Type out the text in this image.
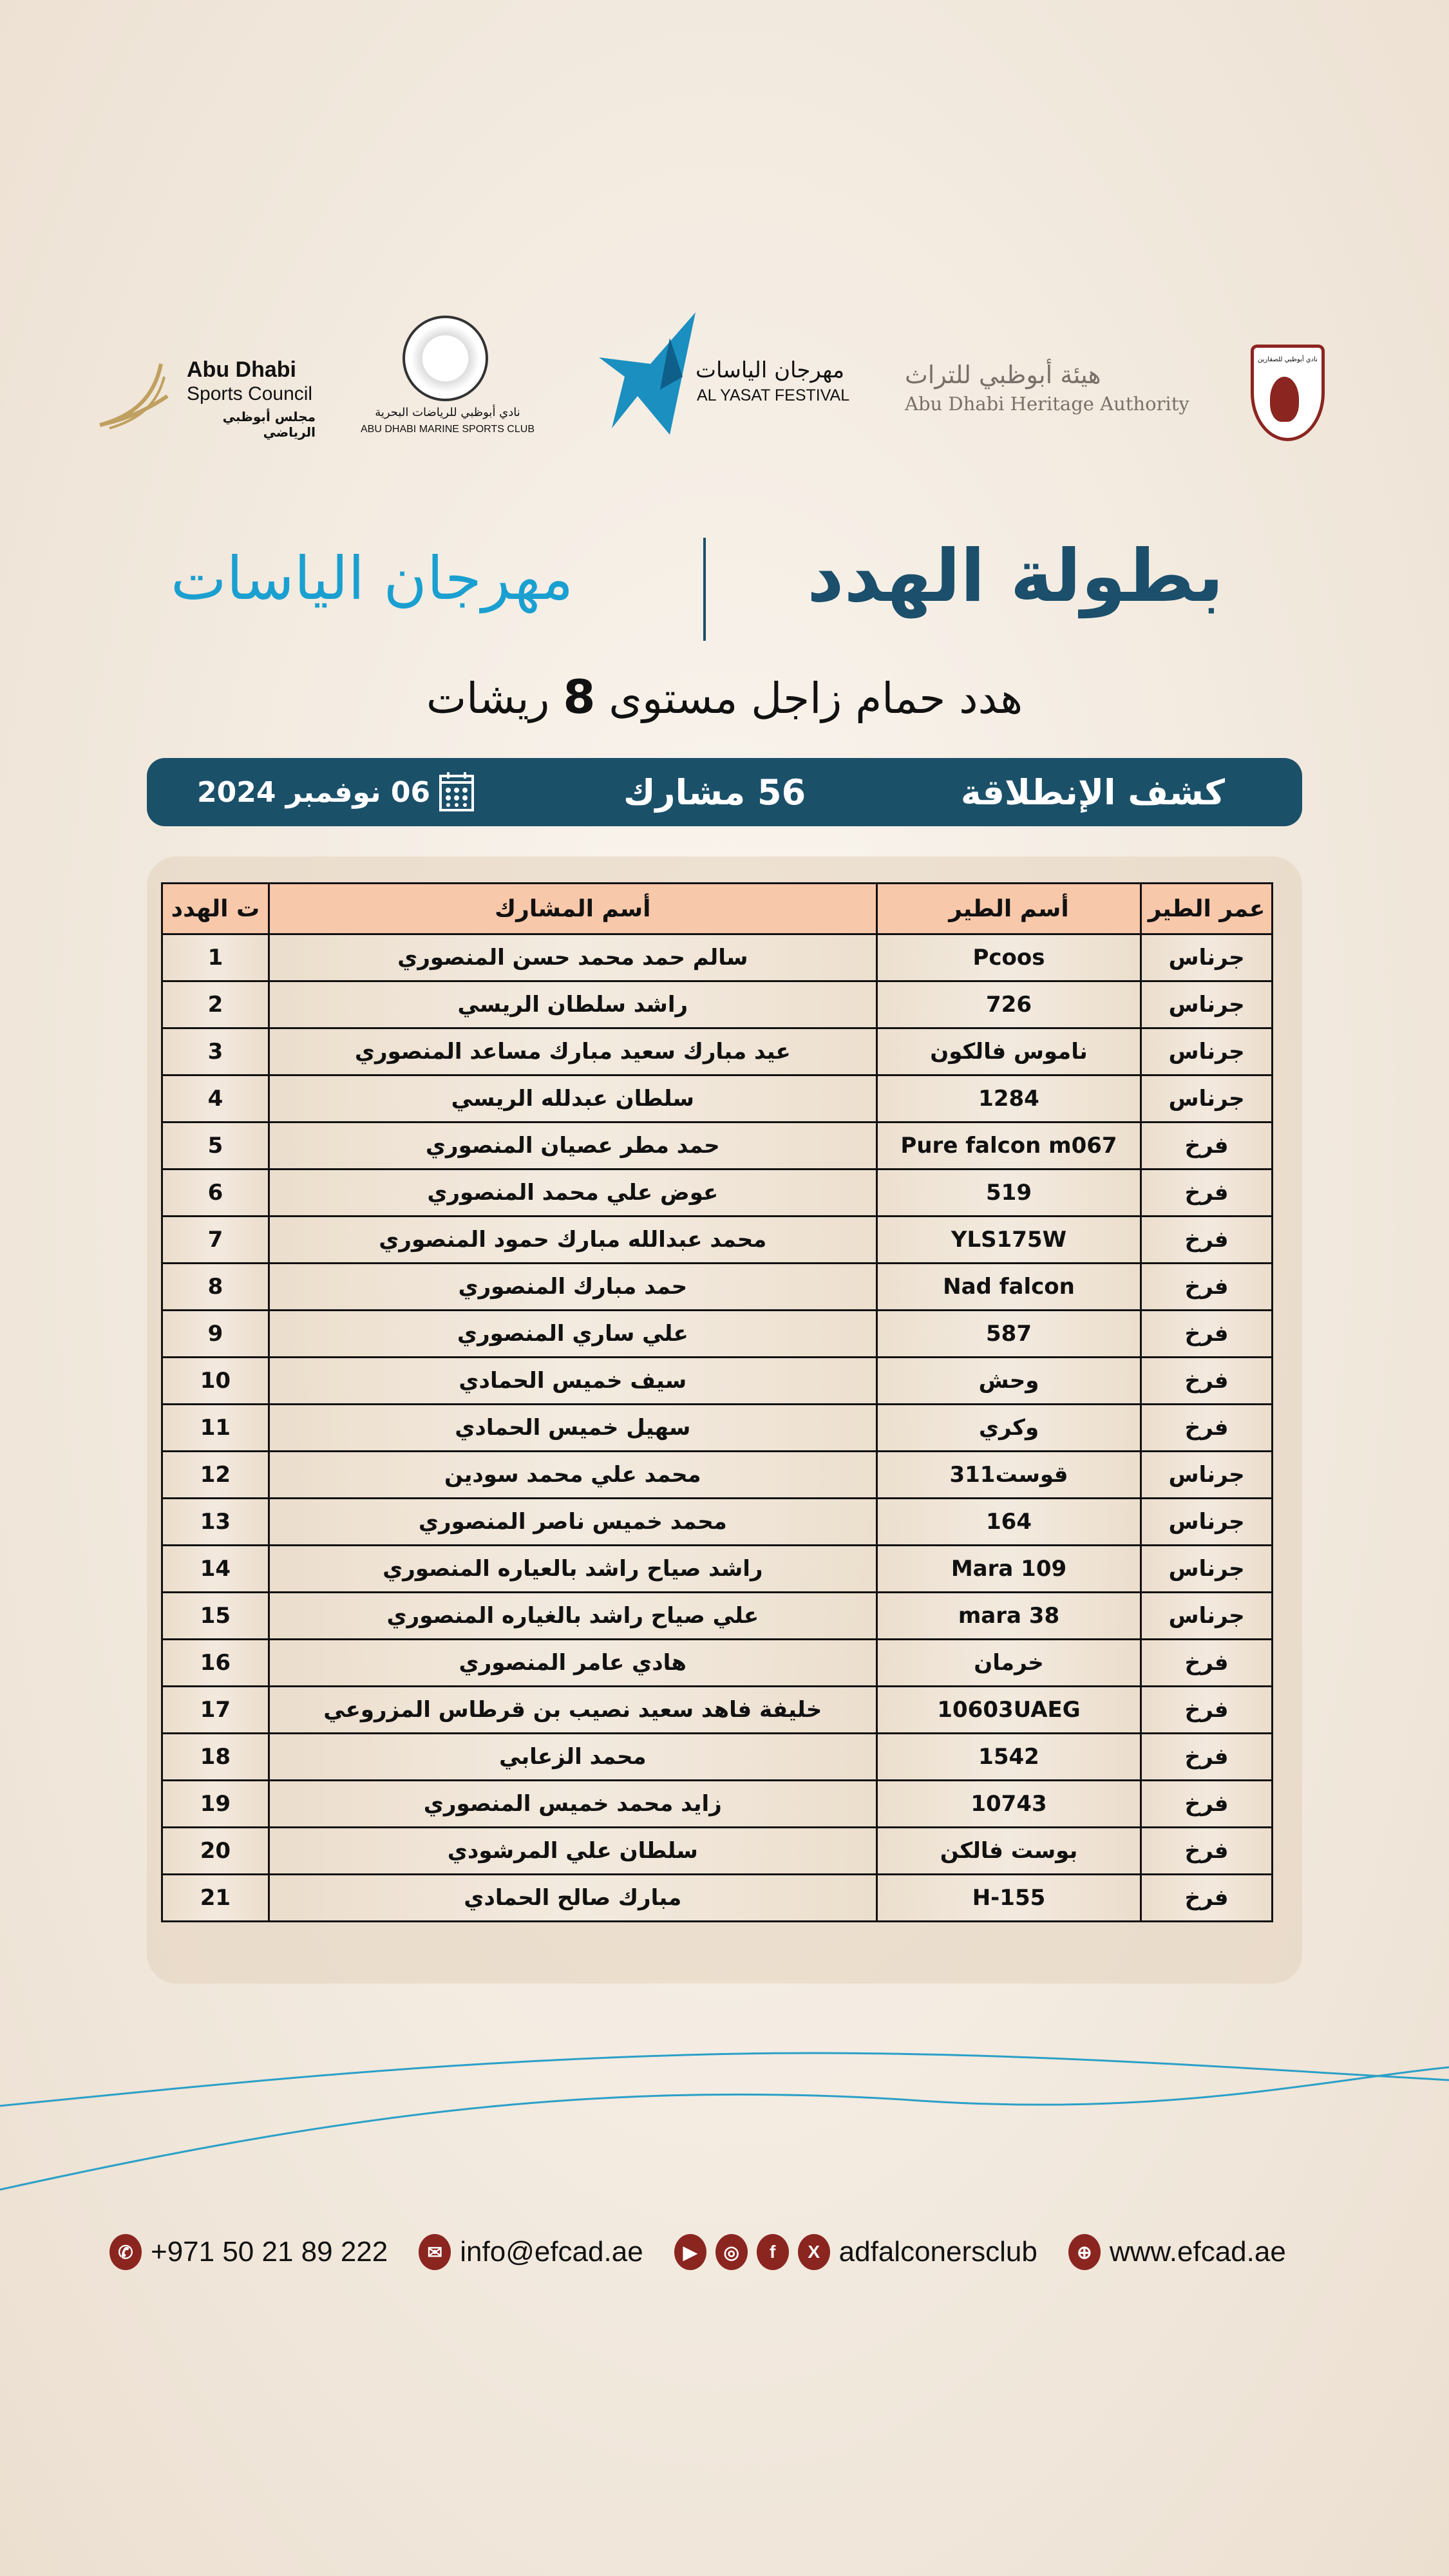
Abu Dhabi
Sports Council
مجلس أبوظبي الرياضي
نادي أبوظبي للرياضات البحرية
ABU DHABI MARINE SPORTS CLUB
مهرجان الياسات
AL YASAT FESTIVAL
هيئة أبوظبي للتراث
Abu Dhabi Heritage Authority
نادي أبوظبي للصقارين
بطولة الهدد
مهرجان الياسات
هدد حمام زاجل مستوى 8 ريشات
كشف الإنطلاقة
56 مشارك
06 نوفمبر 2024
عمر الطير	أسم الطير	أسم المشارك	ت الهدد
جرناس	Pcoos	سالم حمد محمد حسن المنصوري	1
جرناس	726	راشد سلطان الريسي	2
جرناس	ناموس فالكون	عيد مبارك سعيد مبارك مساعد المنصوري	3
جرناس	1284	سلطان عبدلله الريسي	4
فرخ	Pure falcon m067	حمد مطر عصيان المنصوري	5
فرخ	519	عوض علي محمد المنصوري	6
فرخ	YLS175W	محمد عبدالله مبارك حمود المنصوري	7
فرخ	Nad falcon	حمد مبارك المنصوري	8
فرخ	587	علي ساري المنصوري	9
فرخ	وحش	سيف خميس الحمادي	10
فرخ	وكري	سهيل خميس الحمادي	11
جرناس	قوست311	محمد علي محمد سودين	12
جرناس	164	محمد خميس ناصر المنصوري	13
جرناس	Mara 109	راشد صياح راشد بالعياره المنصوري	14
جرناس	38 mara	علي صياح راشد بالغياره المنصوري	15
فرخ	خرمان	هادي عامر المنصوري	16
فرخ	10603UAEG	خليفة فاهد سعيد نصيب بن قرطاس المزروعي	17
فرخ	1542	محمد الزعابي	18
فرخ	10743	زايد محمد خميس المنصوري	19
فرخ	بوست فالكن	سلطان علي المرشودي	20
فرخ	H-155	مبارك صالح الحمادي	21
✆ +971 50 21 89 222	✉ info@efcad.ae	▶	◎	f	X adfalconersclub	⊕ www.efcad.ae
